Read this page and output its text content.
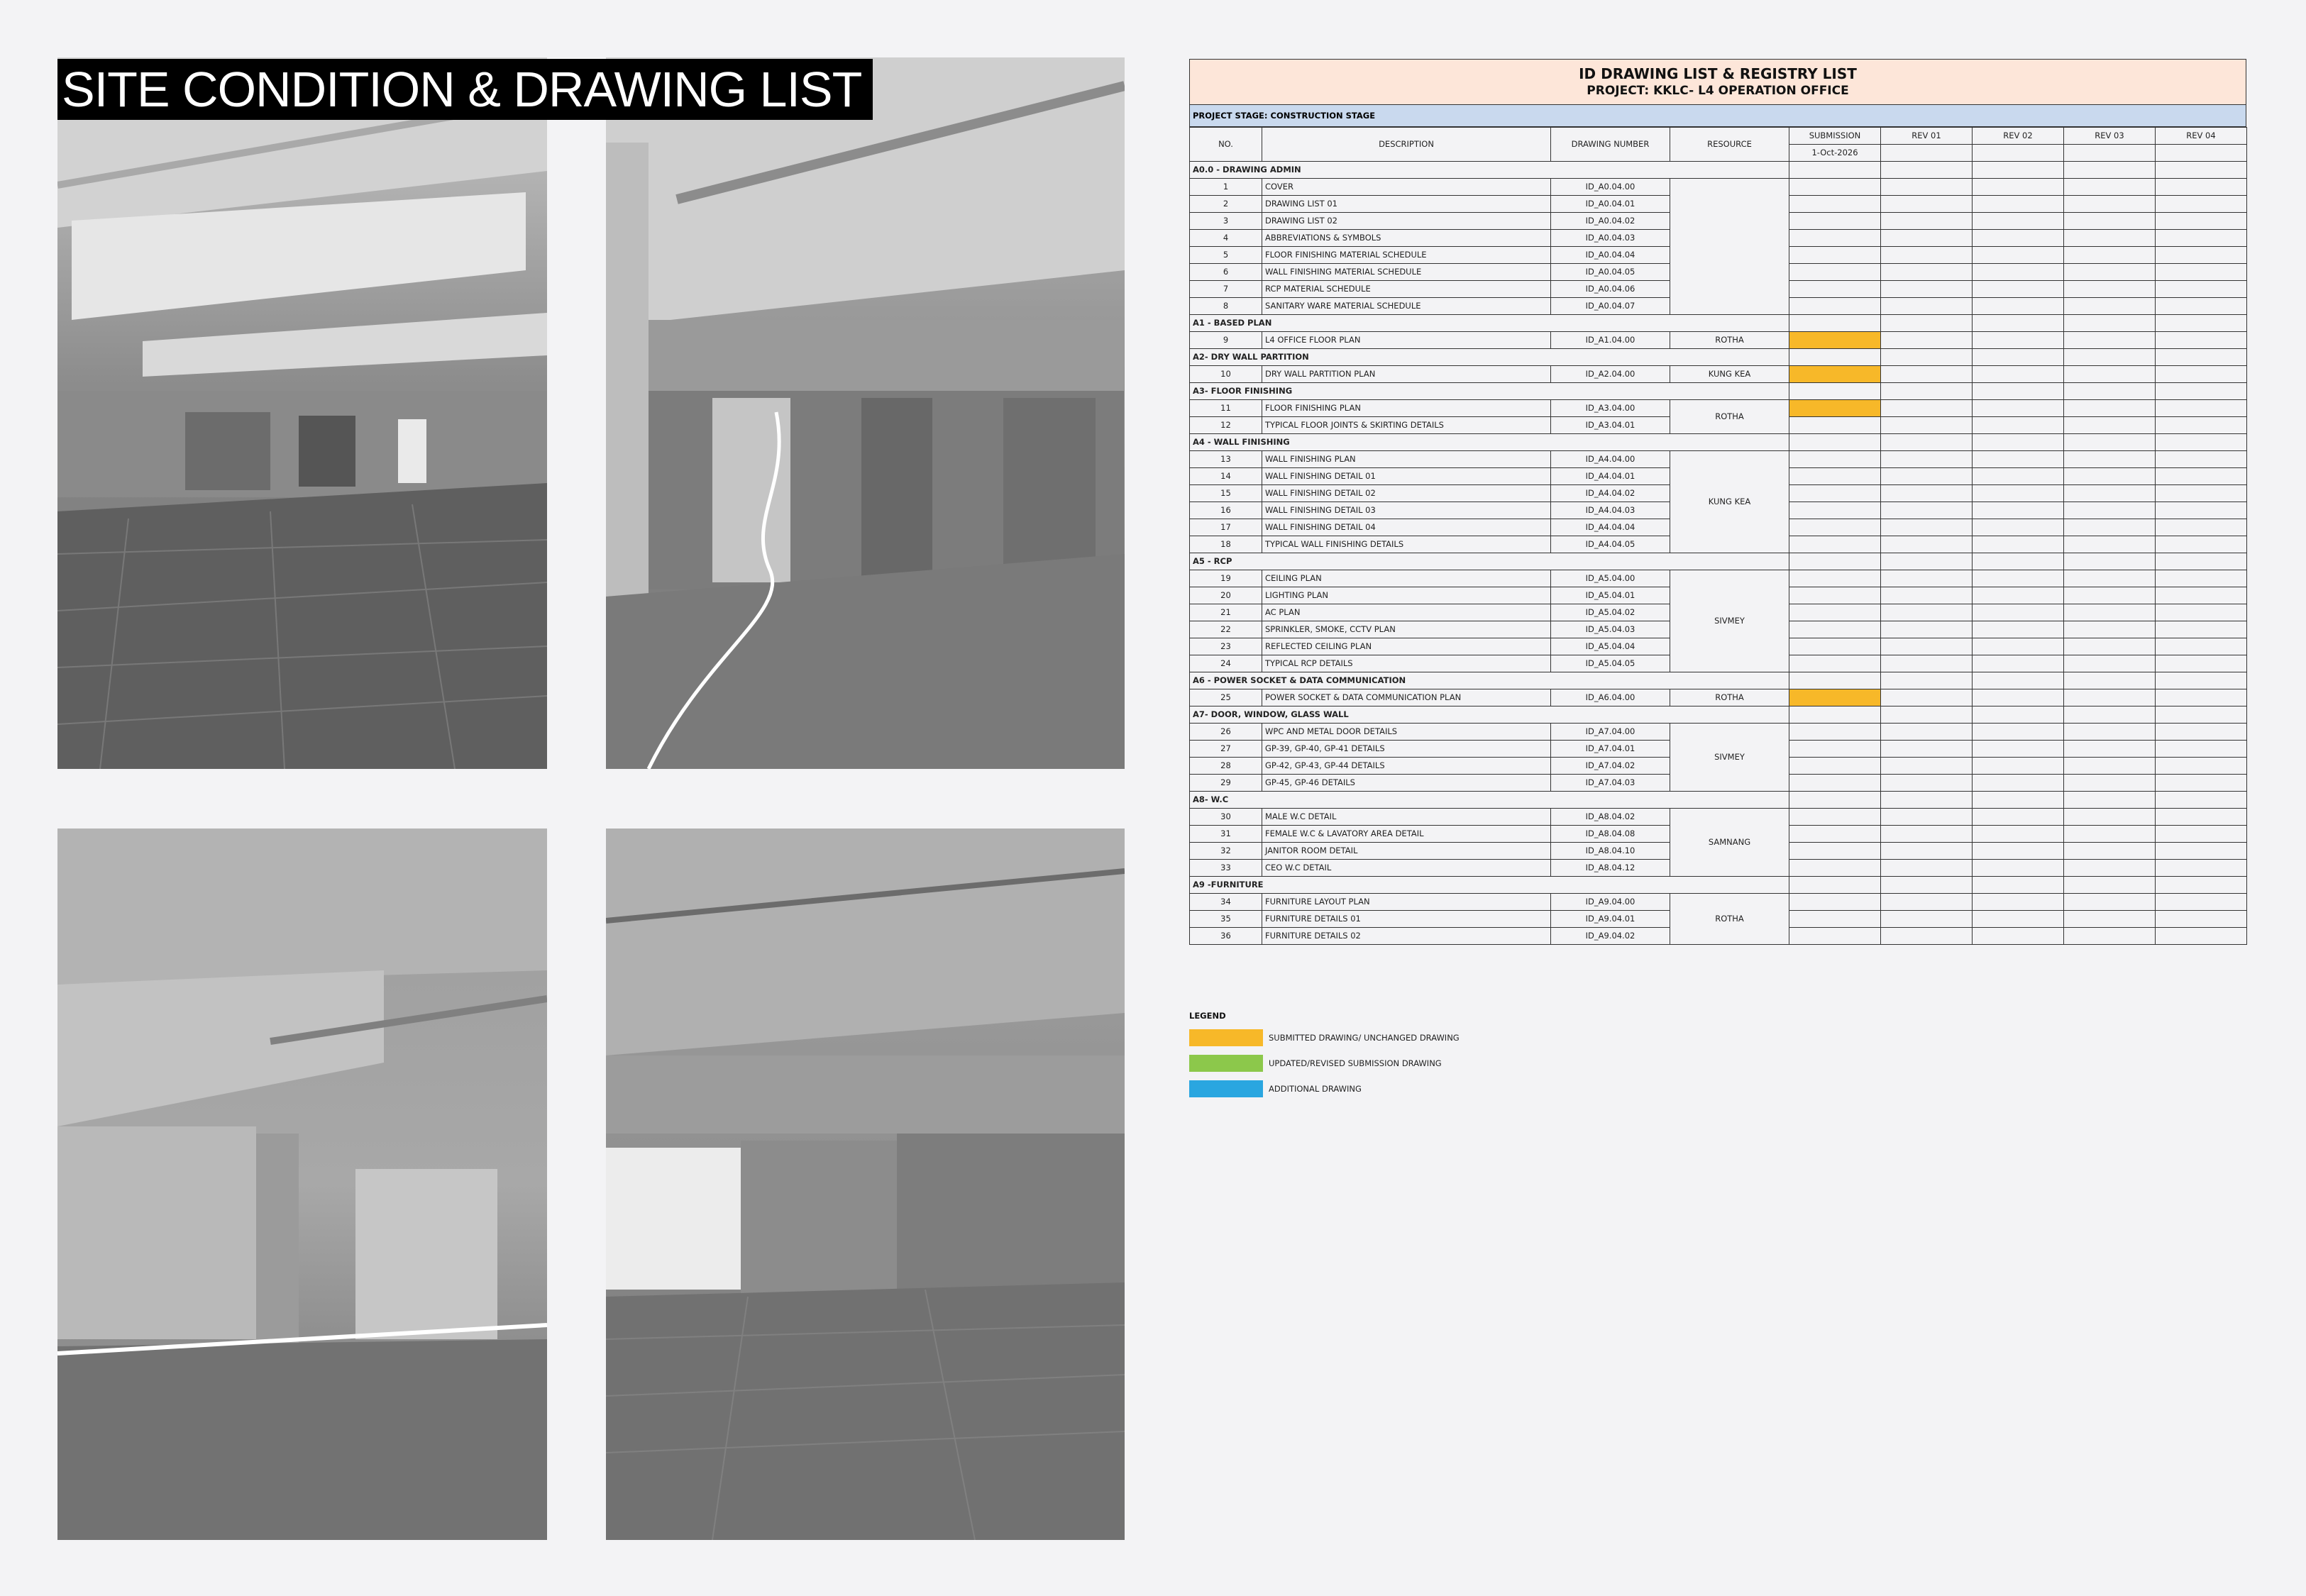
SITE CONDITION & DRAWING LIST	ID DRAWING LIST & REGISTRY LIST
PROJECT: KKLC- L4 OPERATION OFFICE
PROJECT STAGE: CONSTRUCTION STAGE
NO.	DESCRIPTION	DRAWING NUMBER	RESOURCE	SUBMISSION	REV 01	REV 02	REV 03	REV 04
				1-Oct-2026				
A0.0 - DRAWING ADMIN								
1	COVER	ID_A0.04.00						
2	DRAWING LIST 01	ID_A0.04.01						
3	DRAWING LIST 02	ID_A0.04.02						
4	ABBREVIATIONS & SYMBOLS	ID_A0.04.03						
5	FLOOR FINISHING MATERIAL SCHEDULE	ID_A0.04.04						
6	WALL FINISHING MATERIAL SCHEDULE	ID_A0.04.05						
7	RCP MATERIAL SCHEDULE	ID_A0.04.06						
8	SANITARY WARE MATERIAL SCHEDULE	ID_A0.04.07						
A1 - BASED PLAN								
9	L4 OFFICE FLOOR PLAN	ID_A1.04.00	ROTHA					
A2- DRY WALL PARTITION								
10	DRY WALL PARTITION PLAN	ID_A2.04.00	KUNG KEA					
A3- FLOOR FINISHING								
11	FLOOR FINISHING PLAN	ID_A3.04.00	ROTHA					
12	TYPICAL FLOOR JOINTS & SKIRTING DETAILS	ID_A3.04.01						
A4 - WALL FINISHING								
13	WALL FINISHING PLAN	ID_A4.04.00	KUNG KEA					
14	WALL FINISHING DETAIL 01	ID_A4.04.01						
15	WALL FINISHING DETAIL 02	ID_A4.04.02						
16	WALL FINISHING DETAIL 03	ID_A4.04.03						
17	WALL FINISHING DETAIL 04	ID_A4.04.04						
18	TYPICAL WALL FINISHING DETAILS	ID_A4.04.05						
A5 - RCP								
19	CEILING PLAN	ID_A5.04.00	SIVMEY					
20	LIGHTING PLAN	ID_A5.04.01						
21	AC PLAN	ID_A5.04.02						
22	SPRINKLER, SMOKE, CCTV PLAN	ID_A5.04.03						
23	REFLECTED CEILING PLAN	ID_A5.04.04						
24	TYPICAL RCP DETAILS	ID_A5.04.05						
A6 - POWER SOCKET & DATA COMMUNICATION								
25	POWER SOCKET & DATA COMMUNICATION PLAN	ID_A6.04.00	ROTHA					
A7- DOOR, WINDOW, GLASS WALL								
26	WPC AND METAL DOOR DETAILS	ID_A7.04.00	SIVMEY					
27	GP-39, GP-40, GP-41 DETAILS	ID_A7.04.01						
28	GP-42, GP-43, GP-44 DETAILS	ID_A7.04.02						
29	GP-45, GP-46 DETAILS	ID_A7.04.03						
A8- W.C								
30	MALE W.C DETAIL	ID_A8.04.02	SAMNANG					
31	FEMALE W.C & LAVATORY AREA DETAIL	ID_A8.04.08						
32	JANITOR ROOM DETAIL	ID_A8.04.10						
33	CEO W.C DETAIL	ID_A8.04.12						
A9 -FURNITURE								
34	FURNITURE LAYOUT PLAN	ID_A9.04.00	ROTHA					
35	FURNITURE DETAILS 01	ID_A9.04.01						
36	FURNITURE DETAILS 02	ID_A9.04.02						
LEGEND
SUBMITTED DRAWING/ UNCHANGED DRAWING
UPDATED/REVISED SUBMISSION DRAWING
ADDITIONAL DRAWING
